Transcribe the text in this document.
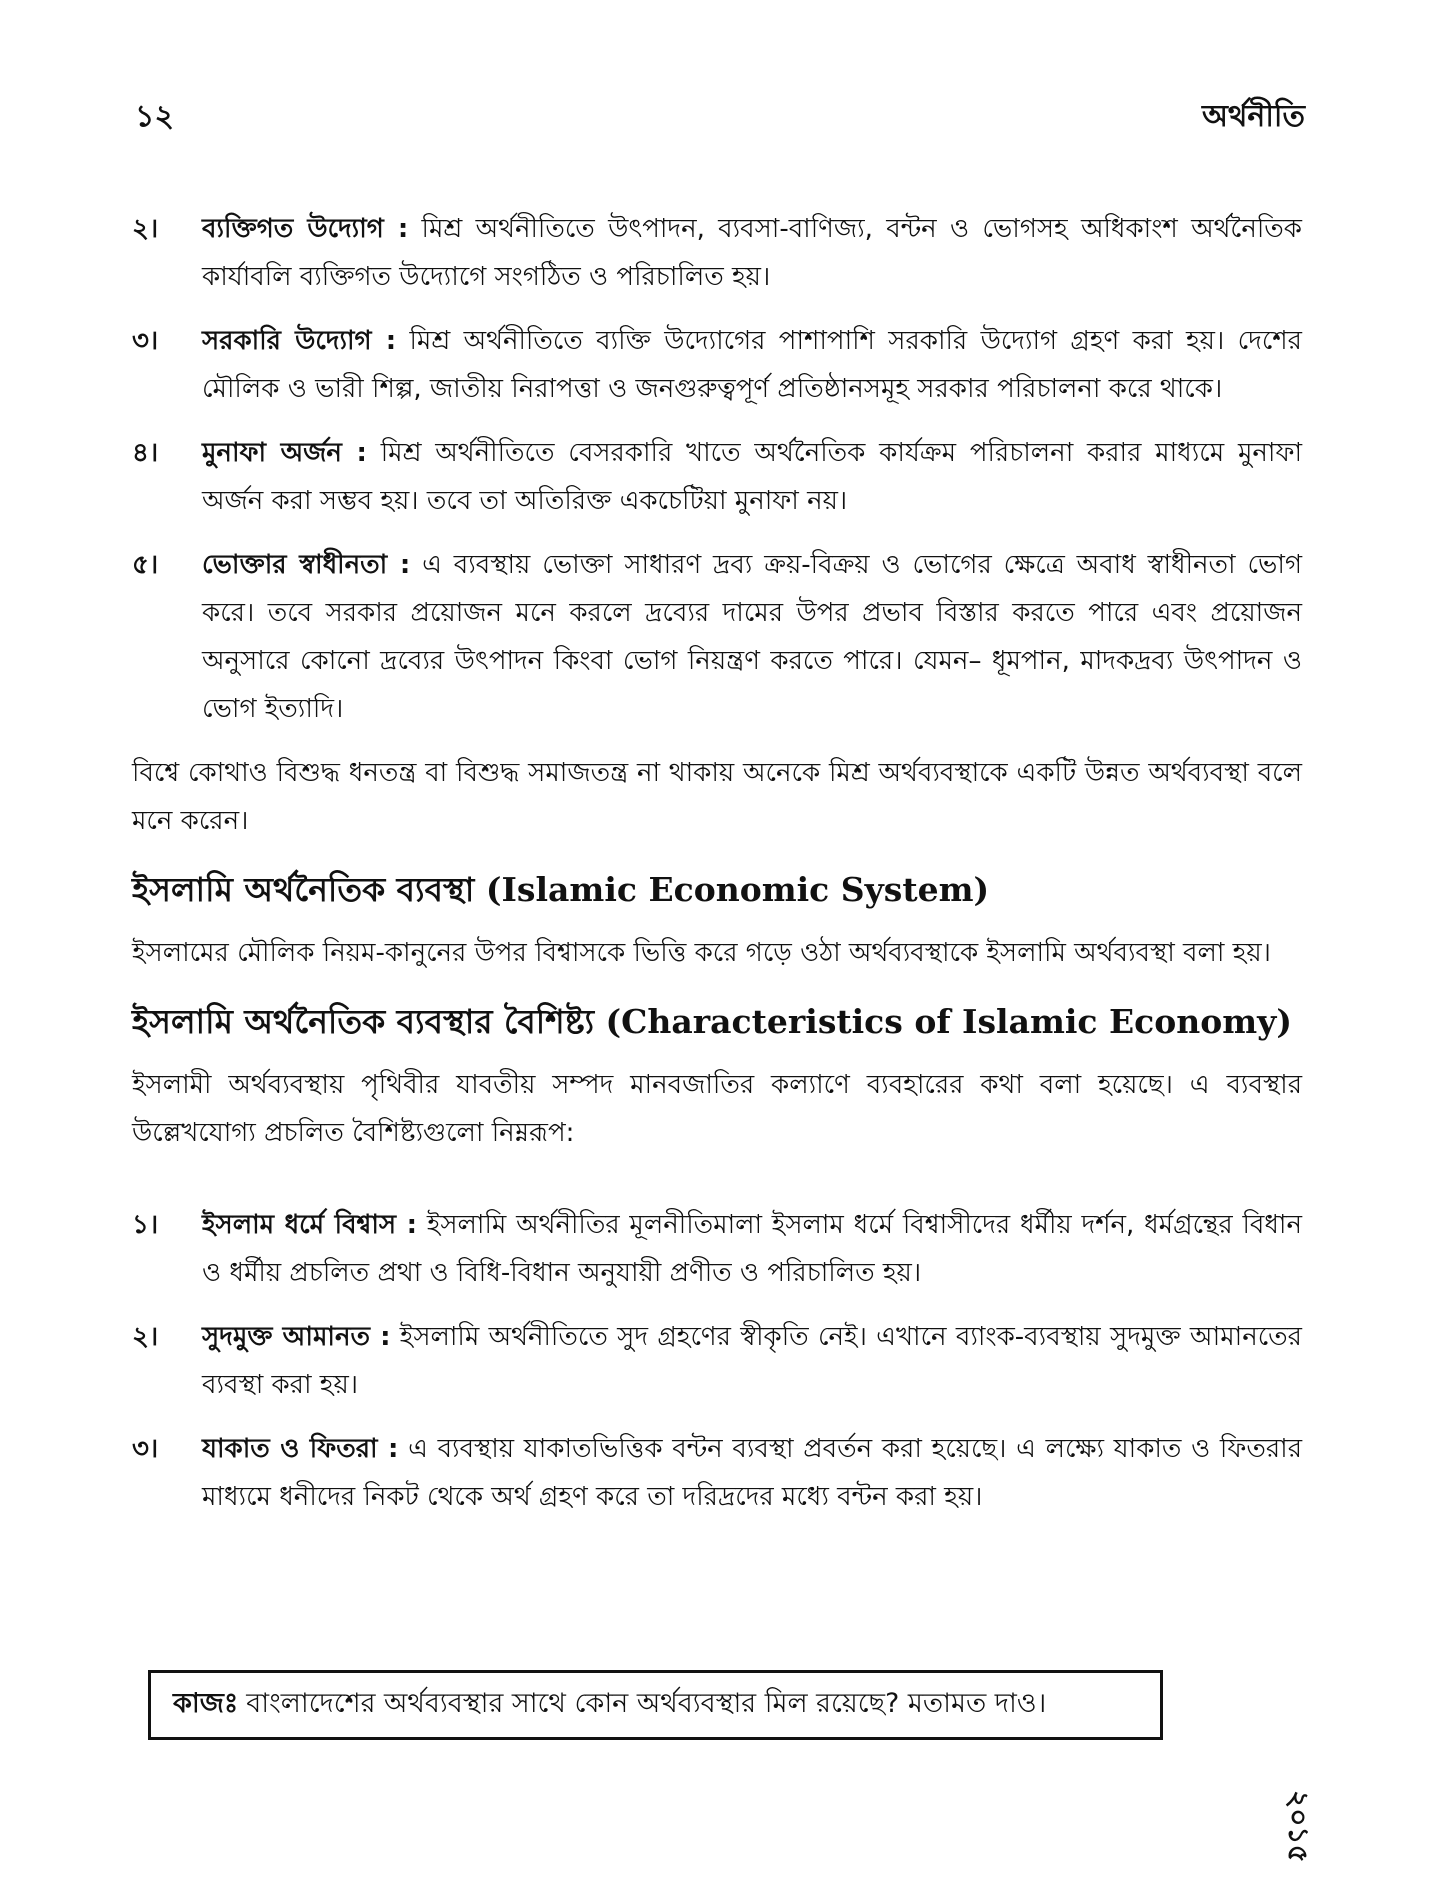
১২	অর্থনীতি
২।	ব্যক্তিগত উদ্যোগ : মিশ্র অর্থনীতিতে উৎপাদন, ব্যবসা-বাণিজ্য, বন্টন ও ভোগসহ অধিকাংশ অর্থনৈতিক কার্যাবলি ব্যক্তিগত উদ্যোগে সংগঠিত ও পরিচালিত হয়।
৩।	সরকারি উদ্যোগ : মিশ্র অর্থনীতিতে ব্যক্তি উদ্যোগের পাশাপাশি সরকারি উদ্যোগ গ্রহণ করা হয়। দেশের মৌলিক ও ভারী শিল্প, জাতীয় নিরাপত্তা ও জনগুরুত্বপূর্ণ প্রতিষ্ঠানসমূহ সরকার পরিচালনা করে থাকে।
৪।	মুনাফা অর্জন : মিশ্র অর্থনীতিতে বেসরকারি খাতে অর্থনৈতিক কার্যক্রম পরিচালনা করার মাধ্যমে মুনাফা অর্জন করা সম্ভব হয়। তবে তা অতিরিক্ত একচেটিয়া মুনাফা নয়।
৫।	ভোক্তার স্বাধীনতা : এ ব্যবস্থায় ভোক্তা সাধারণ দ্রব্য ক্রয়-বিক্রয় ও ভোগের ক্ষেত্রে অবাধ স্বাধীনতা ভোগ করে। তবে সরকার প্রয়োজন মনে করলে দ্রব্যের দামের উপর প্রভাব বিস্তার করতে পারে এবং প্রয়োজন অনুসারে কোনো দ্রব্যের উৎপাদন কিংবা ভোগ নিয়ন্ত্রণ করতে পারে। যেমন– ধূমপান, মাদকদ্রব্য উৎপাদন ও ভোগ ইত্যাদি।

বিশ্বে কোথাও বিশুদ্ধ ধনতন্ত্র বা বিশুদ্ধ সমাজতন্ত্র না থাকায় অনেকে মিশ্র অর্থব্যবস্থাকে একটি উন্নত অর্থব্যবস্থা বলে মনে করেন।

ইসলামি অর্থনৈতিক ব্যবস্থা (Islamic Economic System)

ইসলামের মৌলিক নিয়ম-কানুনের উপর বিশ্বাসকে ভিত্তি করে গড়ে ওঠা অর্থব্যবস্থাকে ইসলামি অর্থব্যবস্থা বলা হয়।

ইসলামি অর্থনৈতিক ব্যবস্থার বৈশিষ্ট্য (Characteristics of Islamic Economy)

ইসলামী অর্থব্যবস্থায় পৃথিবীর যাবতীয় সম্পদ মানবজাতির কল্যাণে ব্যবহারের কথা বলা হয়েছে। এ ব্যবস্থার উল্লেখযোগ্য প্রচলিত বৈশিষ্ট্যগুলো নিম্নরূপ:

১।	ইসলাম ধর্মে বিশ্বাস : ইসলামি অর্থনীতির মূলনীতিমালা ইসলাম ধর্মে বিশ্বাসীদের ধর্মীয় দর্শন, ধর্মগ্রন্থের বিধান ও ধর্মীয় প্রচলিত প্রথা ও বিধি-বিধান অনুযায়ী প্রণীত ও পরিচালিত হয়।
২।	সুদমুক্ত আমানত : ইসলামি অর্থনীতিতে সুদ গ্রহণের স্বীকৃতি নেই। এখানে ব্যাংক-ব্যবস্থায় সুদমুক্ত আমানতের ব্যবস্থা করা হয়।
৩।	যাকাত ও ফিতরা : এ ব্যবস্থায় যাকাতভিত্তিক বন্টন ব্যবস্থা প্রবর্তন করা হয়েছে। এ লক্ষ্যে যাকাত ও ফিতরার মাধ্যমে ধনীদের নিকট থেকে অর্থ গ্রহণ করে তা দরিদ্রদের মধ্যে বন্টন করা হয়।
কাজঃ বাংলাদেশের অর্থব্যবস্থার সাথে কোন অর্থব্যবস্থার মিল রয়েছে? মতামত দাও।
২০১৫
